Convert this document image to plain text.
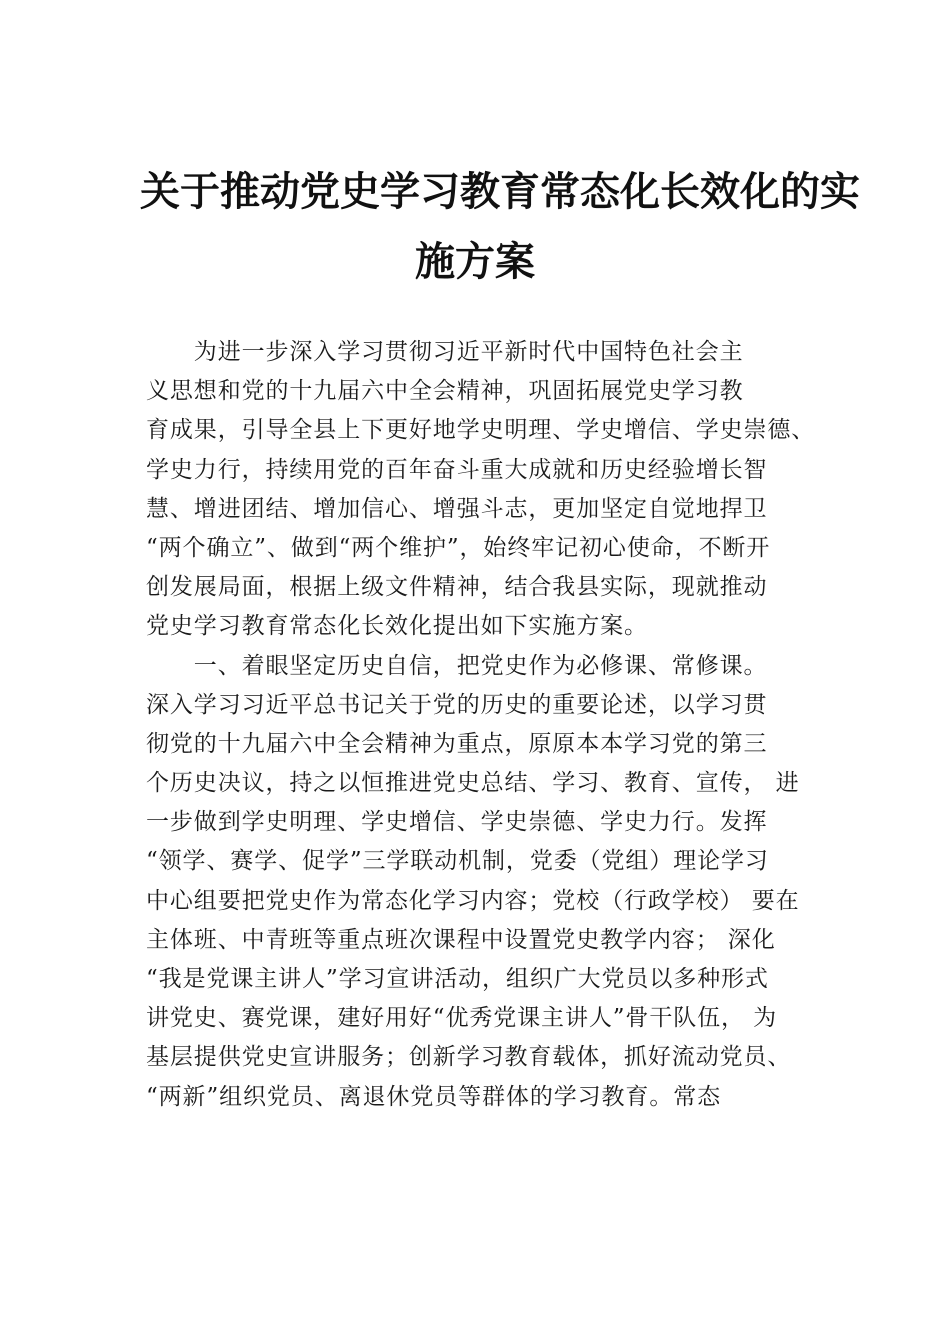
关于推动党史学习教育常态化长效化的实
施方案
　　为进一步深入学习贯彻习近平新时代中国特色社会主
义思想和党的十九届六中全会精神，巩固拓展党史学习教
育成果，引导全县上下更好地学史明理、学史增信、学史崇德、
学史力行，持续用党的百年奋斗重大成就和历史经验增长智
慧、增进团结、增加信心、增强斗志，更加坚定自觉地捍卫
“两个确立”、做到“两个维护”，始终牢记初心使命，不断开
创发展局面，根据上级文件精神，结合我县实际，现就推动
党史学习教育常态化长效化提出如下实施方案。
　　一、着眼坚定历史自信，把党史作为必修课、常修课。
深入学习习近平总书记关于党的历史的重要论述，以学习贯
彻党的十九届六中全会精神为重点，原原本本学习党的第三
个历史决议，持之以恒推进党史总结、学习、教育、宣传， 进
一步做到学史明理、学史增信、学史崇德、学史力行。发挥
“领学、赛学、促学”三学联动机制，党委（党组）理论学习
中心组要把党史作为常态化学习内容；党校（行政学校） 要在
主体班、中青班等重点班次课程中设置党史教学内容； 深化
“我是党课主讲人”学习宣讲活动，组织广大党员以多种形式
讲党史、赛党课，建好用好“优秀党课主讲人”骨干队伍， 为
基层提供党史宣讲服务；创新学习教育载体，抓好流动党员、
“两新”组织党员、离退休党员等群体的学习教育。常态
